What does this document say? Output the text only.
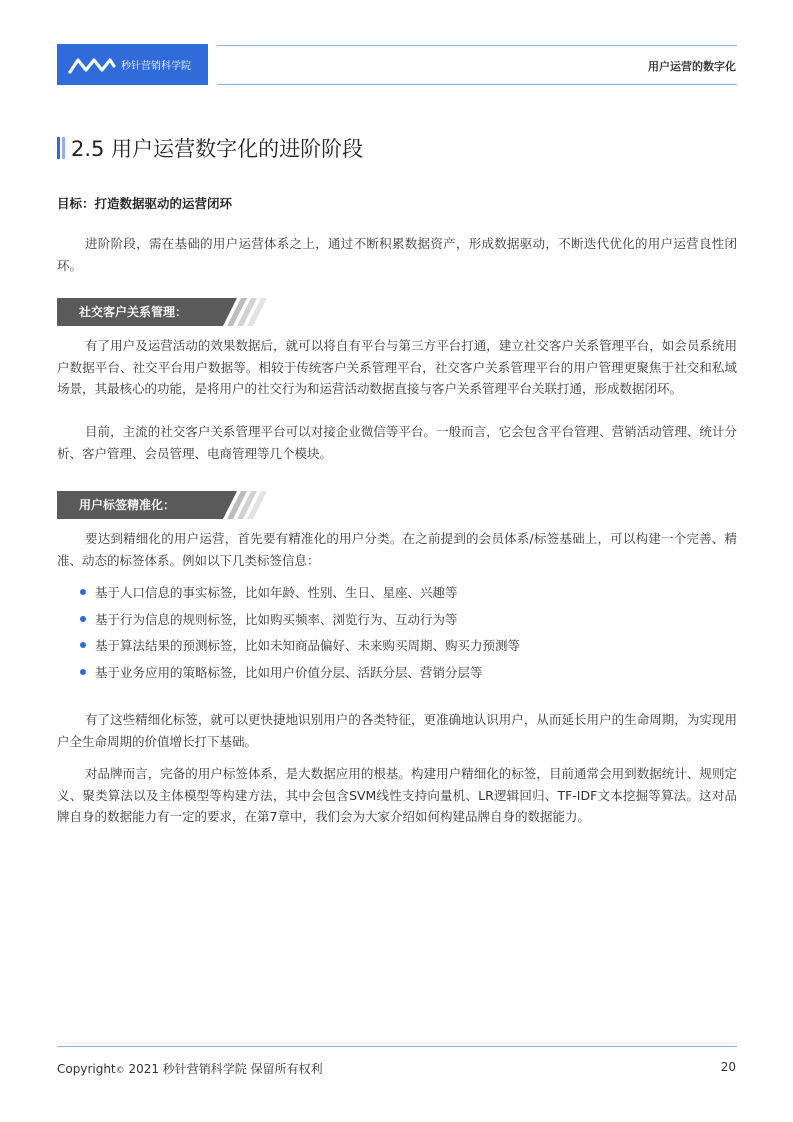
秒针营销科学院	用户运营的数字化
2.5 用户运营数字化的进阶阶段
目标：打造数据驱动的运营闭环

进阶阶段，需在基础的用户运营体系之上，通过不断积累数据资产，形成数据驱动，不断迭代优化的用户运营良性闭环。

社交客户关系管理：

有了用户及运营活动的效果数据后，就可以将自有平台与第三方平台打通，建立社交客户关系管理平台，如会员系统用户数据平台、社交平台用户数据等。相较于传统客户关系管理平台，社交客户关系管理平台的用户管理更聚焦于社交和私域场景，其最核心的功能，是将用户的社交行为和运营活动数据直接与客户关系管理平台关联打通，形成数据闭环。

目前，主流的社交客户关系管理平台可以对接企业微信等平台。一般而言，它会包含平台管理、营销活动管理、统计分析、客户管理、会员管理、电商管理等几个模块。

用户标签精准化：

要达到精细化的用户运营，首先要有精准化的用户分类。在之前提到的会员体系/标签基础上，可以构建一个完善、精准、动态的标签体系。例如以下几类标签信息：

基于人口信息的事实标签，比如年龄、性别、生日、星座、兴趣等
基于行为信息的规则标签，比如购买频率、浏览行为、互动行为等
基于算法结果的预测标签，比如未知商品偏好、未来购买周期、购买力预测等
基于业务应用的策略标签，比如用户价值分层、活跃分层、营销分层等

有了这些精细化标签，就可以更快捷地识别用户的各类特征，更准确地认识用户，从而延长用户的生命周期，为实现用户全生命周期的价值增长打下基础。

对品牌而言，完备的用户标签体系，是大数据应用的根基。构建用户精细化的标签，目前通常会用到数据统计、规则定义、聚类算法以及主体模型等构建方法，其中会包含SVM线性支持向量机、LR逻辑回归、TF-IDF文本挖掘等算法。这对品牌自身的数据能力有一定的要求，在第7章中，我们会为大家介绍如何构建品牌自身的数据能力。

Copyright© 2021 秒针营销科学院 保留所有权利	20
